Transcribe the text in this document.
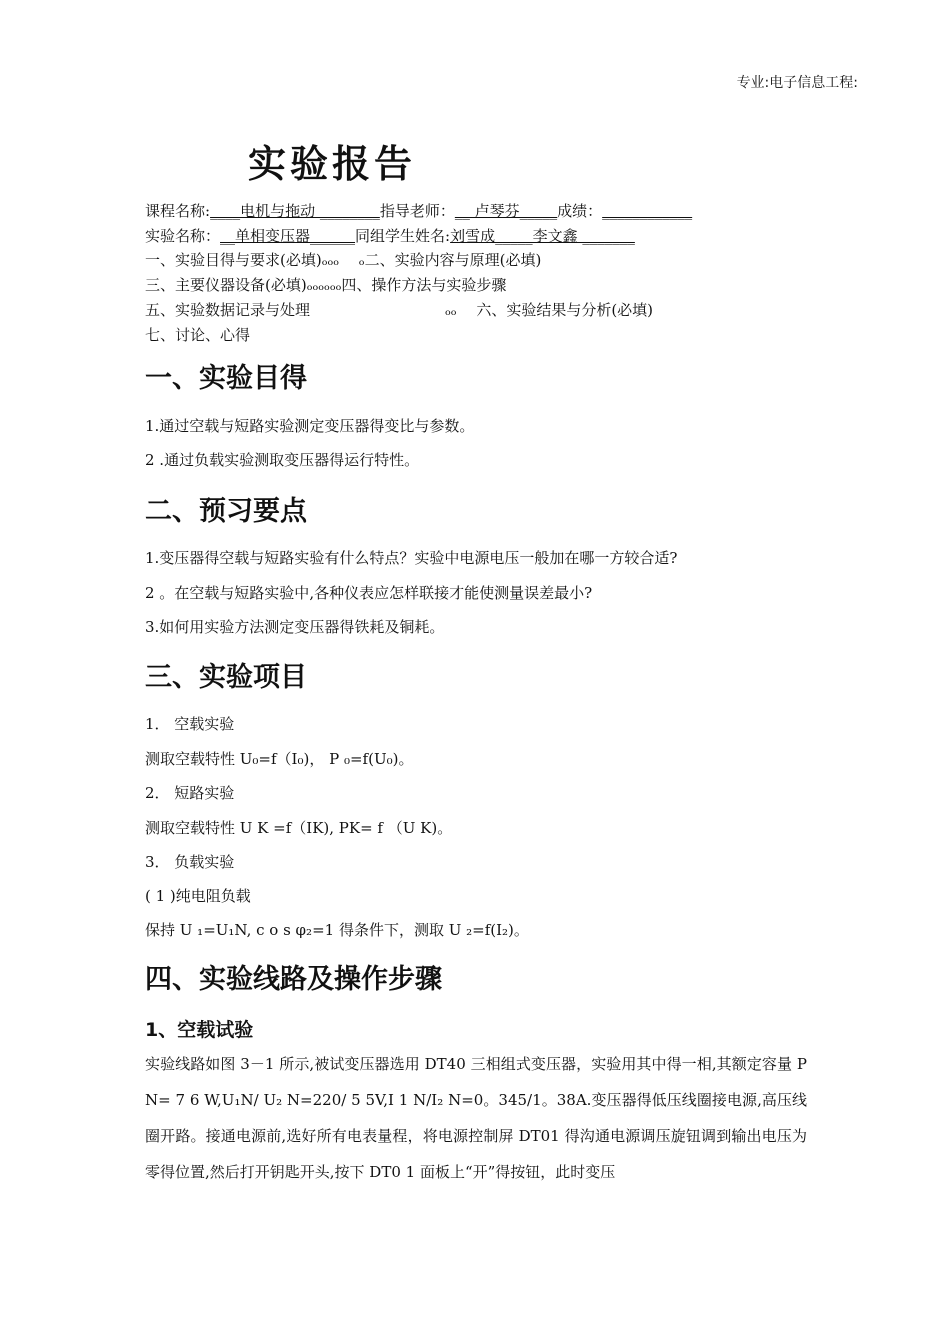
专业:电子信息工程:
实验报告
课程名称:____电机与拖动 ________指导老师：__ 卢琴芬_____成绩：____________
实验名称：__单相变压器______同组学生姓名:刘雪成_____李文鑫 _______
一、实验目得与要求(必填)ₒₒₒ　 ₒ二、实验内容与原理(必填)
三、主要仪器设备(必填)ₒₒₒₒₒₒ四、操作方法与实验步骤
五、实验数据记录与处理	ₒₒ　 六、实验结果与分析(必填)
七、讨论、心得
一、实验目得
1.通过空载与短路实验测定变压器得变比与参数。
2 .通过负载实验测取变压器得运行特性。
二、预习要点
1.变压器得空载与短路实验有什么特点？实验中电源电压一般加在哪一方较合适?
2 。在空载与短路实验中,各种仪表应怎样联接才能使测量误差最小?
3.如何用实验方法测定变压器得铁耗及铜耗。
三、实验项目
1． 空载实验
测取空载特性 U₀=f（I₀)， P ₀=f(U₀)。
2． 短路实验
测取空载特性 U K =f（IK), PK= f （U K)。
3． 负载实验
( 1 )纯电阻负载
保持 U ₁=U₁N, c o s φ₂=1 得条件下，测取 U ₂=f(I₂)。
四、实验线路及操作步骤
1、空载试验
实验线路如图 3－1 所示,被试变压器选用 DT40 三相组式变压器，实验用其中得一相,其额定容量 P N= 7 6 W,U₁N/ U₂ N=220/ 5 5V,I 1 N/I₂ N=0。345/1。38A.变压器得低压线圈接电源,高压线圈开路。接通电源前,选好所有电表量程，将电源控制屏 DT01 得沟通电源调压旋钮调到输出电压为零得位置,然后打开钥匙开头,按下 DT0 1 面板上“开”得按钮，此时变压
